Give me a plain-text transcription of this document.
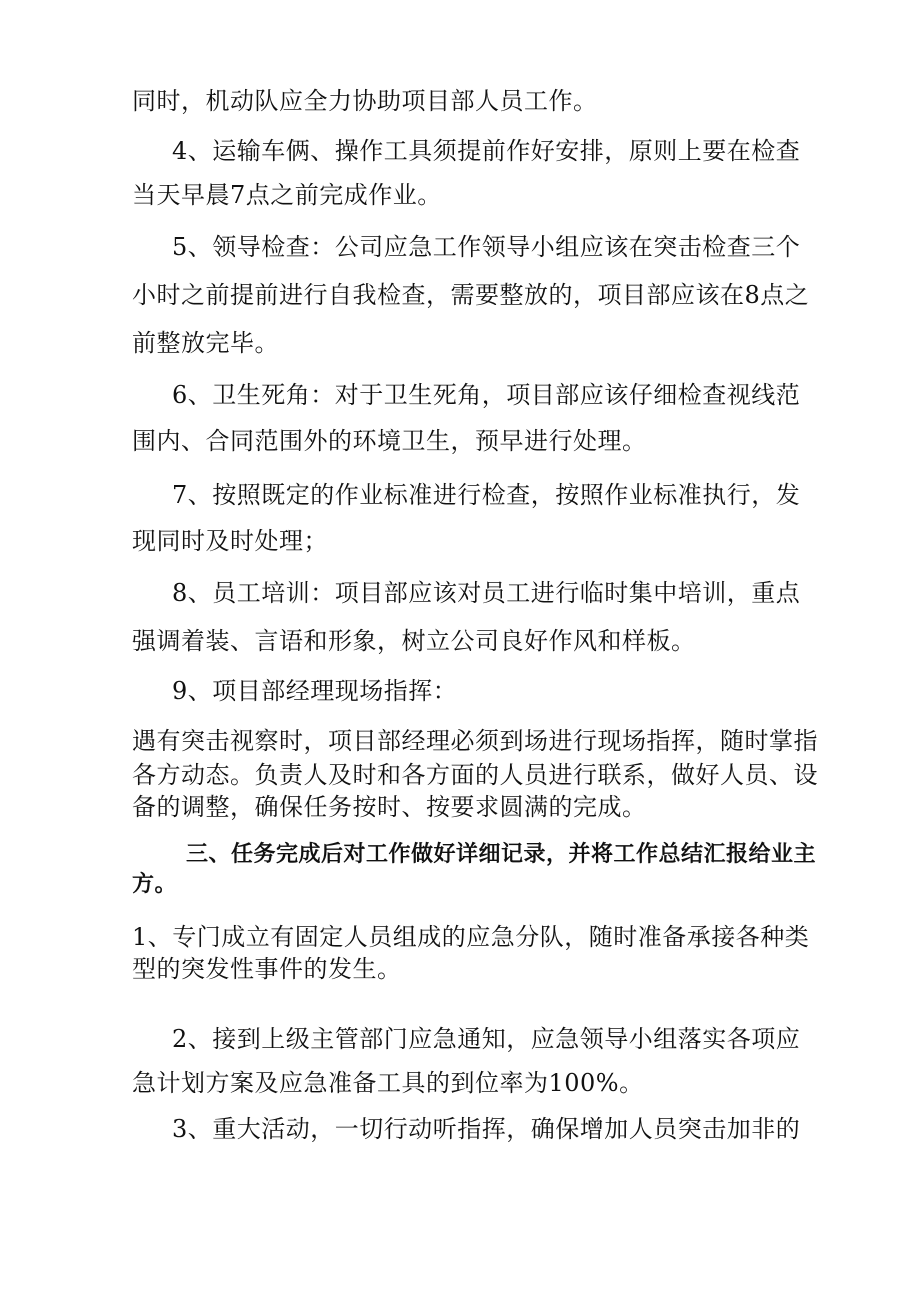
同时，机动队应全力协助项目部人员工作。
4、运输车俩、操作工具须提前作好安排，原则上要在检查
当天早晨7点之前完成作业。
5、领导检查：公司应急工作领导小组应该在突击检查三个
小时之前提前进行自我检查，需要整放的，项目部应该在8点之
前整放完毕。
6、卫生死角：对于卫生死角，项目部应该仔细检查视线范
围内、合同范围外的环境卫生，预早进行处理。
7、按照既定的作业标准进行检查，按照作业标准执行，发
现同时及时处理；
8、员工培训：项目部应该对员工进行临时集中培训，重点
强调着装、言语和形象，树立公司良好作风和样板。
9、项目部经理现场指挥：
遇有突击视察时，项目部经理必须到场进行现场指挥，随时掌指
各方动态。负责人及时和各方面的人员进行联系，做好人员、设
备的调整，确保任务按时、按要求圆满的完成。
三、任务完成后对工作做好详细记录，并将工作总结汇报给业主
方。
1、专门成立有固定人员组成的应急分队，随时准备承接各种类
型的突发性事件的发生。
2、接到上级主管部门应急通知，应急领导小组落实各项应
急计划方案及应急准备工具的到位率为100%。
3、重大活动，一切行动听指挥，确保增加人员突击加非的
